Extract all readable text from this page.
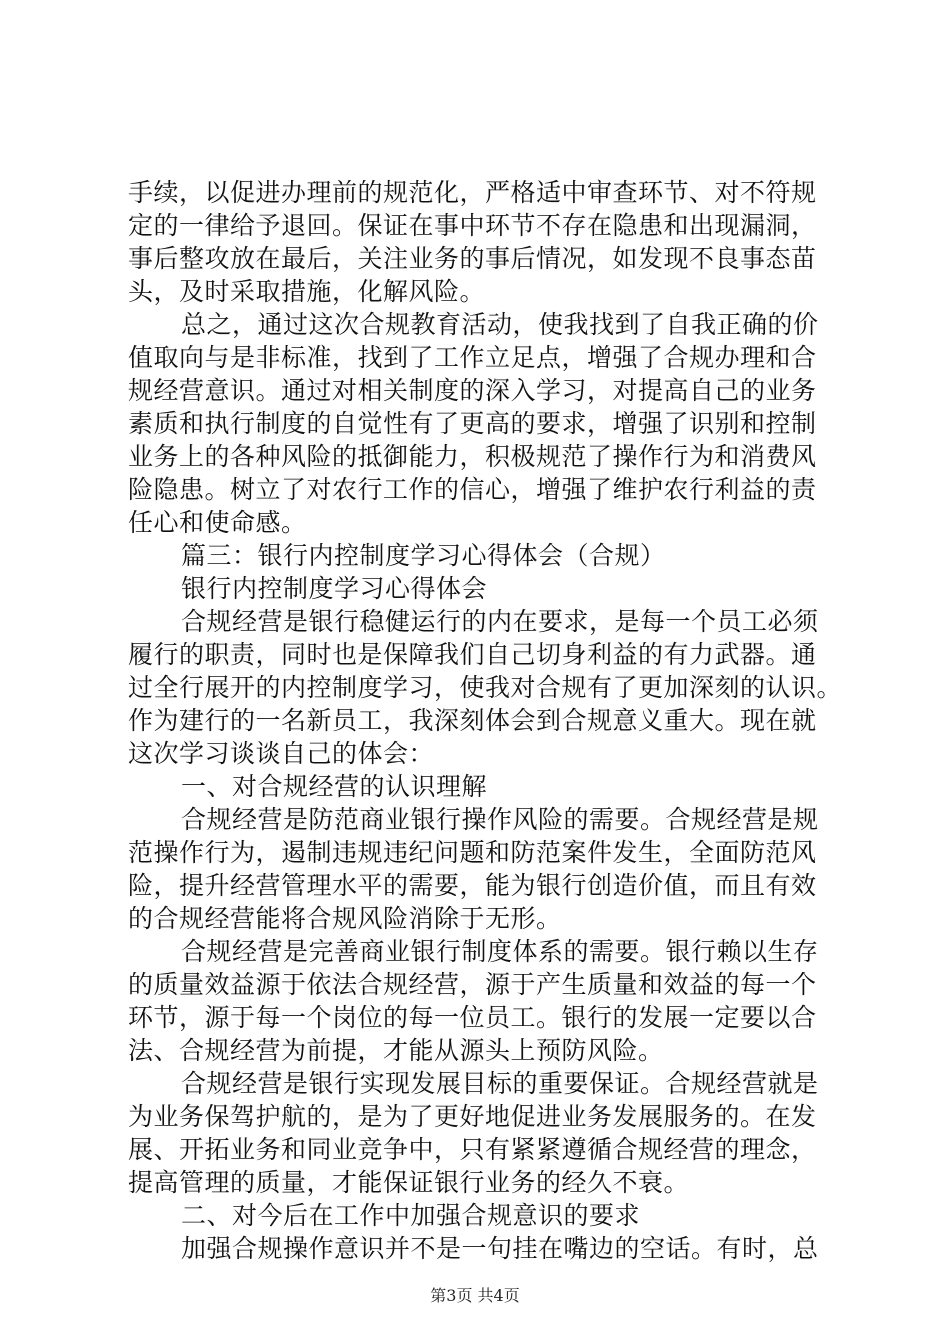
手续，以促进办理前的规范化，严格适中审查环节、对不符规
定的一律给予退回。保证在事中环节不存在隐患和出现漏洞，
事后整攻放在最后，关注业务的事后情况，如发现不良事态苗
头，及时采取措施，化解风险。
总之，通过这次合规教育活动，使我找到了自我正确的价
值取向与是非标准，找到了工作立足点，增强了合规办理和合
规经营意识。通过对相关制度的深入学习，对提高自己的业务
素质和执行制度的自觉性有了更高的要求，增强了识别和控制
业务上的各种风险的抵御能力，积极规范了操作行为和消费风
险隐患。树立了对农行工作的信心，增强了维护农行利益的责
任心和使命感。
篇三：银行内控制度学习心得体会（合规）
银行内控制度学习心得体会
合规经营是银行稳健运行的内在要求，是每一个员工必须
履行的职责，同时也是保障我们自己切身利益的有力武器。通
过全行展开的内控制度学习，使我对合规有了更加深刻的认识。
作为建行的一名新员工，我深刻体会到合规意义重大。现在就
这次学习谈谈自己的体会：
一、对合规经营的认识理解
合规经营是防范商业银行操作风险的需要。合规经营是规
范操作行为，遏制违规违纪问题和防范案件发生，全面防范风
险，提升经营管理水平的需要，能为银行创造价值，而且有效
的合规经营能将合规风险消除于无形。
合规经营是完善商业银行制度体系的需要。银行赖以生存
的质量效益源于依法合规经营，源于产生质量和效益的每一个
环节，源于每一个岗位的每一位员工。银行的发展一定要以合
法、合规经营为前提，才能从源头上预防风险。
合规经营是银行实现发展目标的重要保证。合规经营就是
为业务保驾护航的，是为了更好地促进业务发展服务的。在发
展、开拓业务和同业竞争中，只有紧紧遵循合规经营的理念，
提高管理的质量，才能保证银行业务的经久不衰。
二、对今后在工作中加强合规意识的要求
加强合规操作意识并不是一句挂在嘴边的空话。有时，总
第3页 共4页
